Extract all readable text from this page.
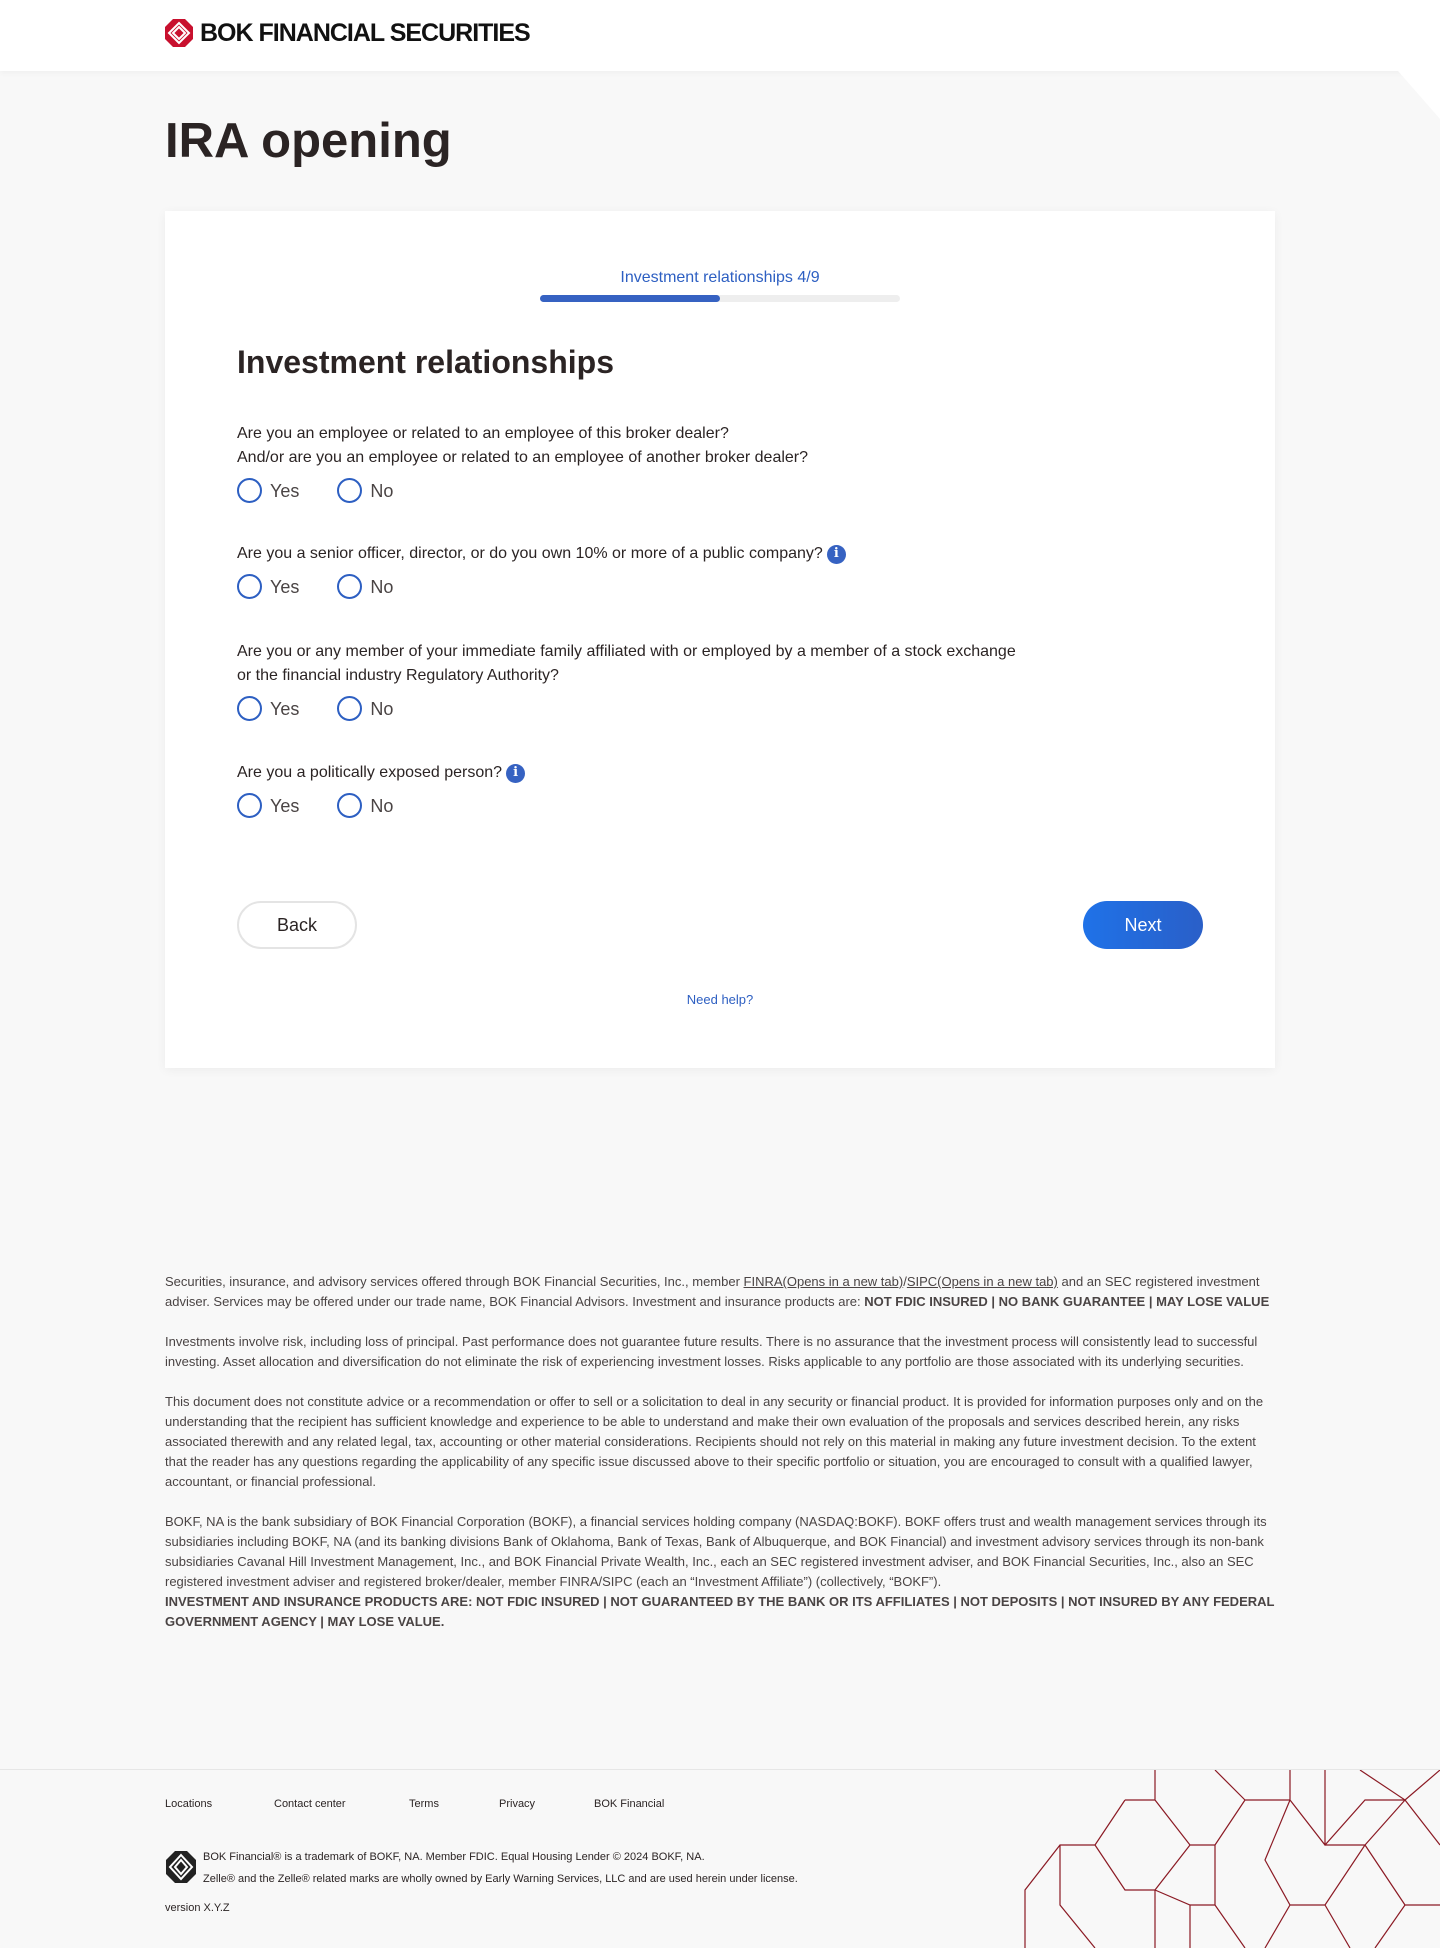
BOK FINANCIAL SECURITIES
IRA opening
Investment relationships 4/9
Investment relationships
Are you an employee or related to an employee of this broker dealer?
And/or are you an employee or related to an employee of another broker dealer?
Yes	No
Are you a senior officer, director, or do you own 10% or more of a public company? i
Yes	No
Are you or any member of your immediate family affiliated with or employed by a member of a stock exchange
or the financial industry Regulatory Authority?
Yes	No
Are you a politically exposed person? i
Yes	No
Back	Next
Need help?

Securities, insurance, and advisory services offered through BOK Financial Securities, Inc., member FINRA(Opens in a new tab)/SIPC(Opens in a new tab) and an SEC registered investment adviser. Services may be offered under our trade name, BOK Financial Advisors. Investment and insurance products are: NOT FDIC INSURED | NO BANK GUARANTEE | MAY LOSE VALUE

Investments involve risk, including loss of principal. Past performance does not guarantee future results. There is no assurance that the investment process will consistently lead to successful investing. Asset allocation and diversification do not eliminate the risk of experiencing investment losses. Risks applicable to any portfolio are those associated with its underlying securities.

This document does not constitute advice or a recommendation or offer to sell or a solicitation to deal in any security or financial product. It is provided for information purposes only and on the understanding that the recipient has sufficient knowledge and experience to be able to understand and make their own evaluation of the proposals and services described herein, any risks associated therewith and any related legal, tax, accounting or other material considerations. Recipients should not rely on this material in making any future investment decision. To the extent that the reader has any questions regarding the applicability of any specific issue discussed above to their specific portfolio or situation, you are encouraged to consult with a qualified lawyer, accountant, or financial professional.

BOKF, NA is the bank subsidiary of BOK Financial Corporation (BOKF), a financial services holding company (NASDAQ:BOKF). BOKF offers trust and wealth management services through its subsidiaries including BOKF, NA (and its banking divisions Bank of Oklahoma, Bank of Texas, Bank of Albuquerque, and BOK Financial) and investment advisory services through its non-bank subsidiaries Cavanal Hill Investment Management, Inc., and BOK Financial Private Wealth, Inc., each an SEC registered investment adviser, and BOK Financial Securities, Inc., also an SEC registered investment adviser and registered broker/dealer, member FINRA/SIPC (each an “Investment Affiliate”) (collectively, “BOKF”).
INVESTMENT AND INSURANCE PRODUCTS ARE: NOT FDIC INSURED | NOT GUARANTEED BY THE BANK OR ITS AFFILIATES | NOT DEPOSITS | NOT INSURED BY ANY FEDERAL GOVERNMENT AGENCY | MAY LOSE VALUE.

Locations	Contact center	Terms	Privacy	BOK Financial
BOK Financial® is a trademark of BOKF, NA. Member FDIC. Equal Housing Lender © 2024 BOKF, NA.
Zelle® and the Zelle® related marks are wholly owned by Early Warning Services, LLC and are used herein under license.
version X.Y.Z
